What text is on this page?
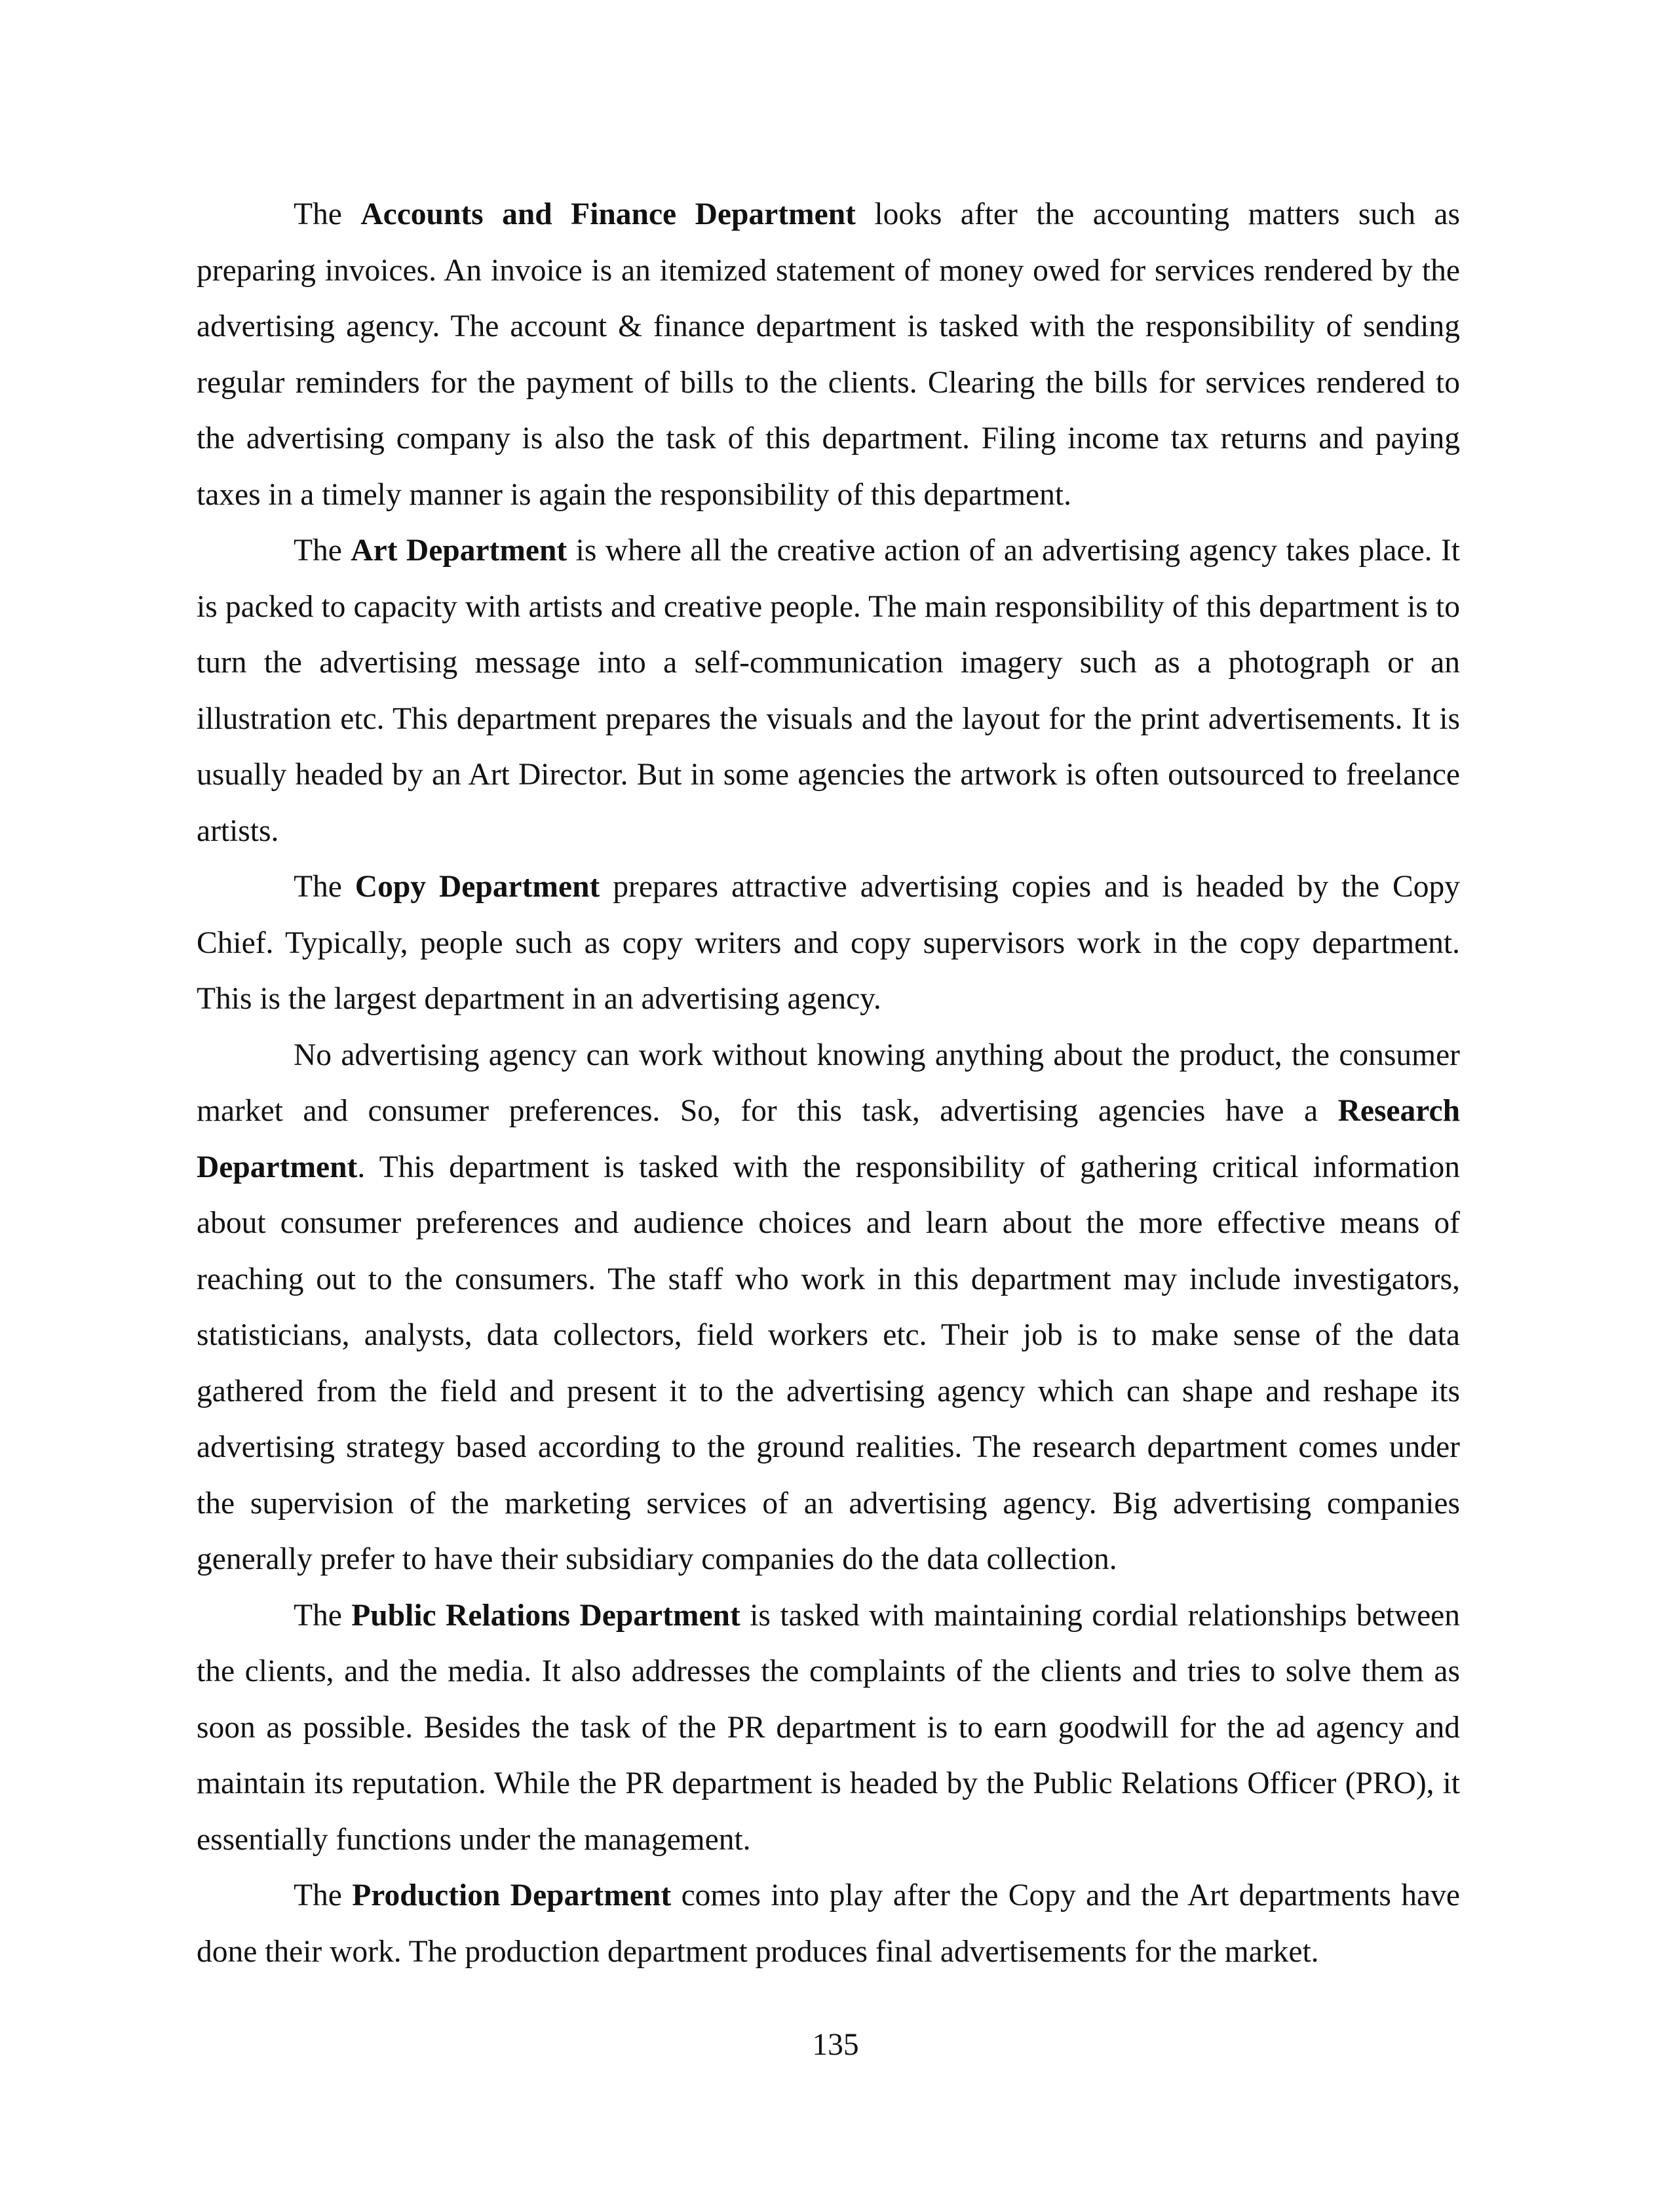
The Accounts and Finance Department looks after the accounting matters such as preparing invoices. An invoice is an itemized statement of money owed for services rendered by the advertising agency. The account & finance department is tasked with the responsibility of sending regular reminders for the payment of bills to the clients. Clearing the bills for services rendered to the advertising company is also the task of this department. Filing income tax returns and paying taxes in a timely manner is again the responsibility of this department.

The Art Department is where all the creative action of an advertising agency takes place. It is packed to capacity with artists and creative people. The main responsibility of this department is to turn the advertising message into a self-communication imagery such as a photograph or an illustration etc. This department prepares the visuals and the layout for the print advertisements. It is usually headed by an Art Director. But in some agencies the artwork is often outsourced to freelance artists.

The Copy Department prepares attractive advertising copies and is headed by the Copy Chief. Typically, people such as copy writers and copy supervisors work in the copy department. This is the largest department in an advertising agency.

No advertising agency can work without knowing anything about the product, the consumer market and consumer preferences. So, for this task, advertising agencies have a Research Department. This department is tasked with the responsibility of gathering critical information about consumer preferences and audience choices and learn about the more effective means of reaching out to the consumers. The staff who work in this department may include investigators, statisticians, analysts, data collectors, field workers etc. Their job is to make sense of the data gathered from the field and present it to the advertising agency which can shape and reshape its advertising strategy based according to the ground realities. The research department comes under the supervision of the marketing services of an advertising agency. Big advertising companies generally prefer to have their subsidiary companies do the data collection.

The Public Relations Department is tasked with maintaining cordial relationships between the clients, and the media. It also addresses the complaints of the clients and tries to solve them as soon as possible. Besides the task of the PR department is to earn goodwill for the ad agency and maintain its reputation. While the PR department is headed by the Public Relations Officer (PRO), it essentially functions under the management.

The Production Department comes into play after the Copy and the Art departments have done their work. The production department produces final advertisements for the market.

135
